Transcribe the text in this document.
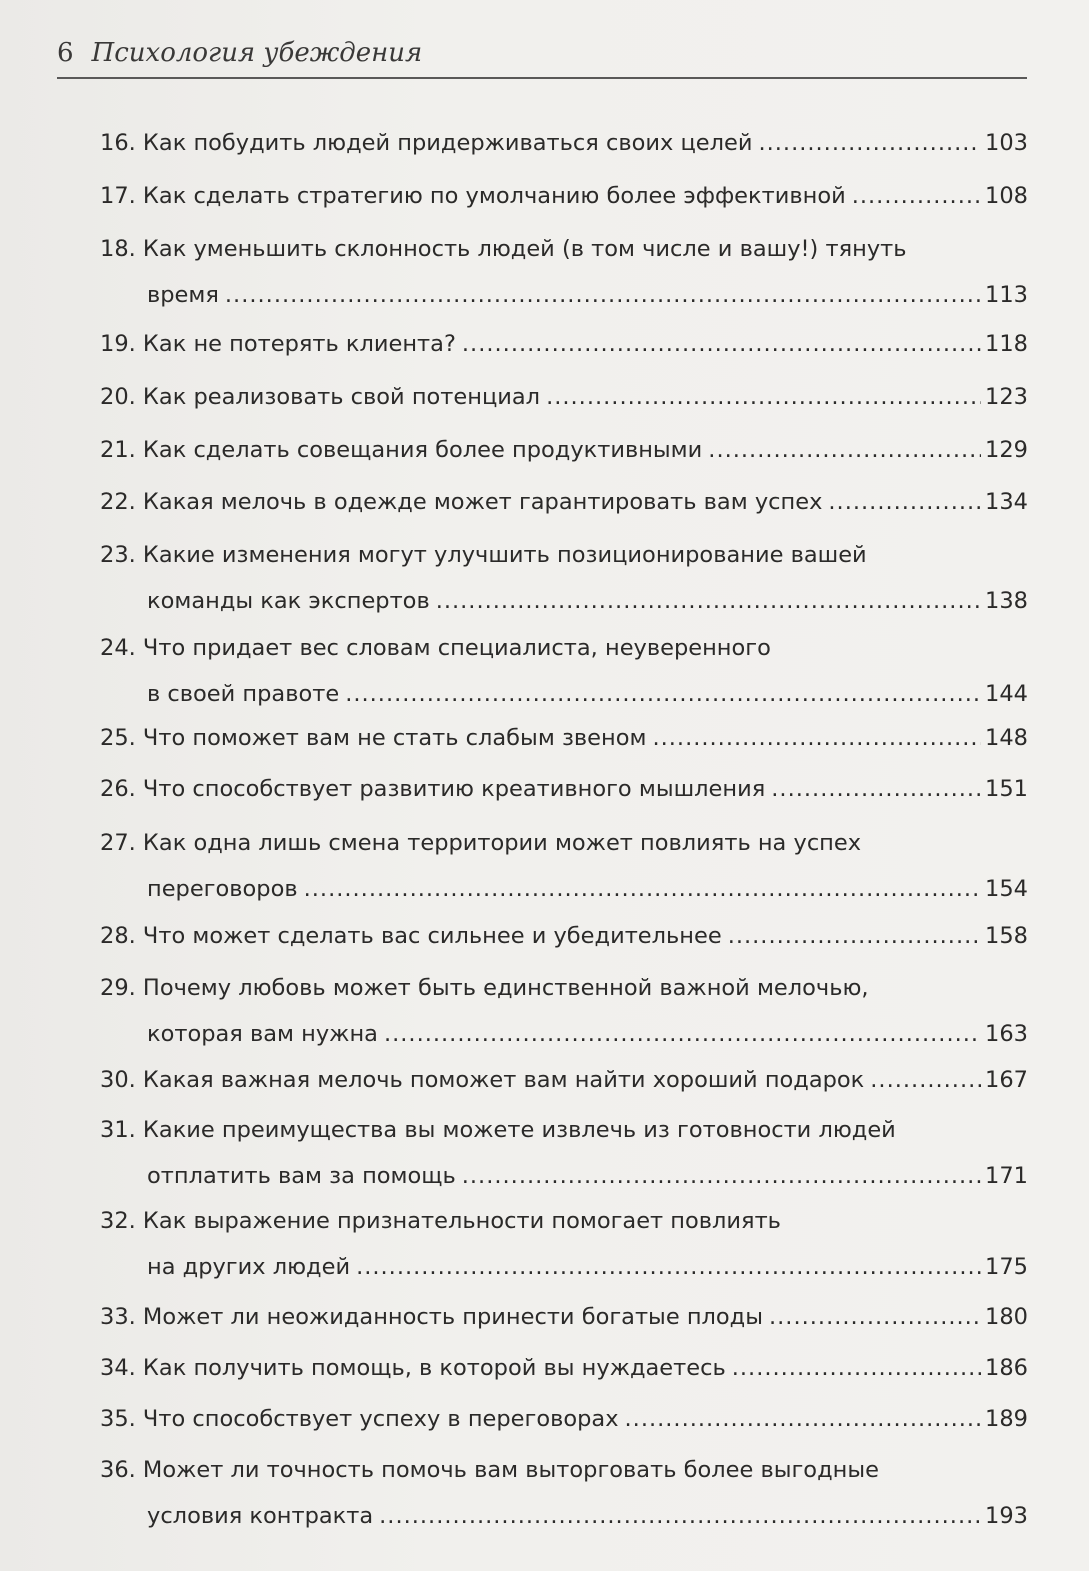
6 Психология убеждения
16. Как побудить людей придерживаться своих целей .....	103
17. Как сделать стратегию по умолчанию более эффективной .....	108
18. Как уменьшить склонность людей (в том числе и вашу!) тянуть
время .....	113
19. Как не потерять клиента? .....	118
20. Как реализовать свой потенциал .....	123
21. Как сделать совещания более продуктивными .....	129
22. Какая мелочь в одежде может гарантировать вам успех .....	134
23. Какие изменения могут улучшить позиционирование вашей
команды как экспертов .....	138
24. Что придает вес словам специалиста, неуверенного
в своей правоте .....	144
25. Что поможет вам не стать слабым звеном .....	148
26. Что способствует развитию креативного мышления .....	151
27. Как одна лишь смена территории может повлиять на успех
переговоров .....	154
28. Что может сделать вас сильнее и убедительнее .....	158
29. Почему любовь может быть единственной важной мелочью,
которая вам нужна .....	163
30. Какая важная мелочь поможет вам найти хороший подарок .....	167
31. Какие преимущества вы можете извлечь из готовности людей
отплатить вам за помощь .....	171
32. Как выражение признательности помогает повлиять
на других людей .....	175
33. Может ли неожиданность принести богатые плоды .....	180
34. Как получить помощь, в которой вы нуждаетесь .....	186
35. Что способствует успеху в переговорах .....	189
36. Может ли точность помочь вам выторговать более выгодные
условия контракта .....	193
